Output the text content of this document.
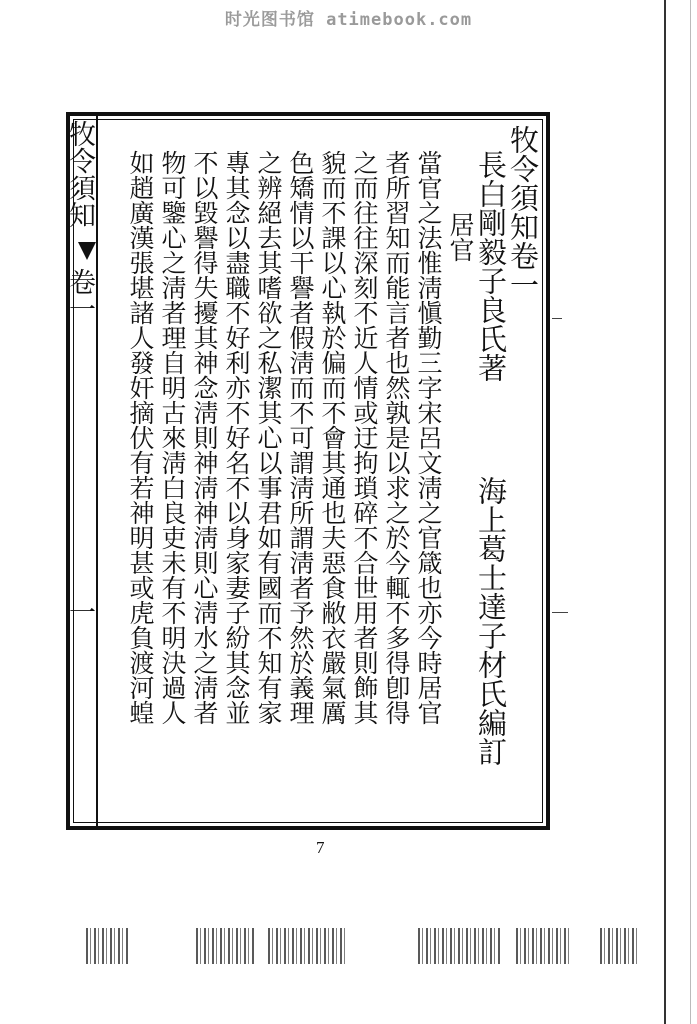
时光图书馆 atimebook.com
牧令須知
卷一
一
牧令須知卷一
長白剛毅子良氏著
海上葛士達子材氏編訂
居官
當官之法惟淸愼勤三字宋呂文淸之官箴也亦今時居官
者所習知而能言者也然孰是以求之於今輒不多得卽得
之而往往深刻不近人情或迂拘瑣碎不合世用者則飾其
貌而不課以心執於偏而不會其通也夫惡食敝衣嚴氣厲
色矯情以干譽者假淸而不可謂淸所謂淸者予然於義理
之辨絕去其嗜欲之私潔其心以事君如有國而不知有家
專其念以盡職不好利亦不好名不以身家妻子紛其念並
不以毀譽得失擾其神念淸則神淸神淸則心淸水之淸者
物可鑒心之淸者理自明古來淸白良吏未有不明決過人
如趙廣漢張堪諸人發奸摘伏有若神明甚或虎負渡河蝗
7
